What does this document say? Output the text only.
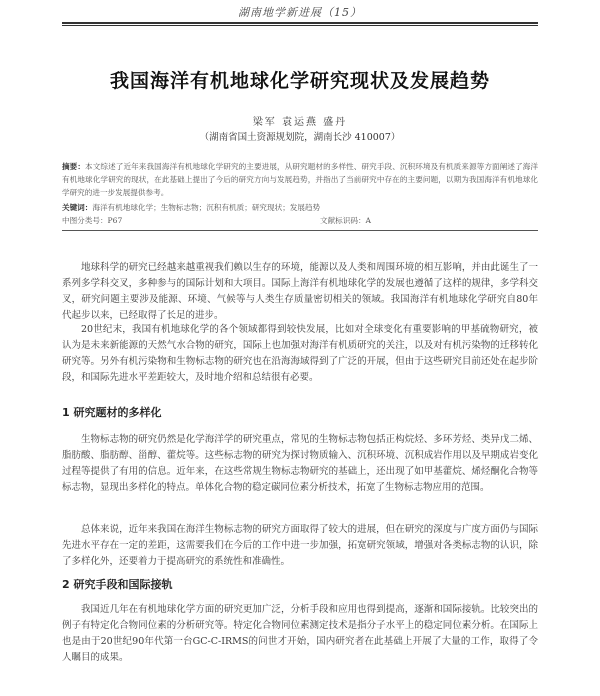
湖南地学新进展（15）
我国海洋有机地球化学研究现状及发展趋势
梁军 袁运燕 盛丹
（湖南省国土资源规划院，湖南长沙 410007）
摘要：本文综述了近年来我国海洋有机地球化学研究的主要进展，从研究题材的多样性、研究手段、沉积环境及有机质来源等方面阐述了海洋有机地球化学研究的现状，在此基础上提出了今后的研究方向与发展趋势，并指出了当前研究中存在的主要问题，以期为我国海洋有机地球化学研究的进一步发展提供参考。
关键词：海洋有机地球化学；生物标志物；沉积有机质；研究现状；发展趋势
中图分类号：P67	文献标识码：A
地球科学的研究已经越来越重视我们赖以生存的环境，能源以及人类和周围环境的相互影响，并由此诞生了一系列多学科交叉，多种参与的国际计划和大项目。国际上海洋有机地球化学的发展也遵循了这样的规律，多学科交叉，研究问题主要涉及能源、环境、气候等与人类生存质量密切相关的领域。我国海洋有机地球化学研究自80年代起步以来，已经取得了长足的进步。
20世纪末，我国有机地球化学的各个领域都得到较快发展，比如对全球变化有重要影响的甲基硫物研究，被认为是未来新能源的天然气水合物的研究，国际上也加强对海洋有机质研究的关注，以及对有机污染物的迁移转化研究等。另外有机污染物和生物标志物的研究也在沿海海域得到了广泛的开展，但由于这些研究目前还处在起步阶段，和国际先进水平差距较大，及时地介绍和总结很有必要。
1 研究题材的多样化
生物标志物的研究仍然是化学海洋学的研究重点，常见的生物标志物包括正构烷烃、多环芳烃、类异戊二烯、脂肪酸、脂肪醇、甾醇、藿烷等。这些标志物的研究为探讨物质输入、沉积环境、沉积成岩作用以及早期成岩变化过程等提供了有用的信息。近年来，在这些常规生物标志物研究的基础上，还出现了如甲基藿烷、烯烃酮化合物等标志物，显现出多样化的特点。单体化合物的稳定碳同位素分析技术，拓宽了生物标志物应用的范围。
总体来说，近年来我国在海洋生物标志物的研究方面取得了较大的进展，但在研究的深度与广度方面仍与国际先进水平存在一定的差距，这需要我们在今后的工作中进一步加强，拓宽研究领域，增强对各类标志物的认识，除了多样化外，还要着力于提高研究的系统性和准确性。
2 研究手段和国际接轨
我国近几年在有机地球化学方面的研究更加广泛，分析手段和应用也得到提高，逐渐和国际接轨。比较突出的例子有特定化合物同位素的分析研究等。特定化合物同位素测定技术是指分子水平上的稳定同位素分析。在国际上也是由于20世纪90年代第一台GC-C-IRMS的问世才开始，国内研究者在此基础上开展了大量的工作，取得了令人瞩目的成果。
